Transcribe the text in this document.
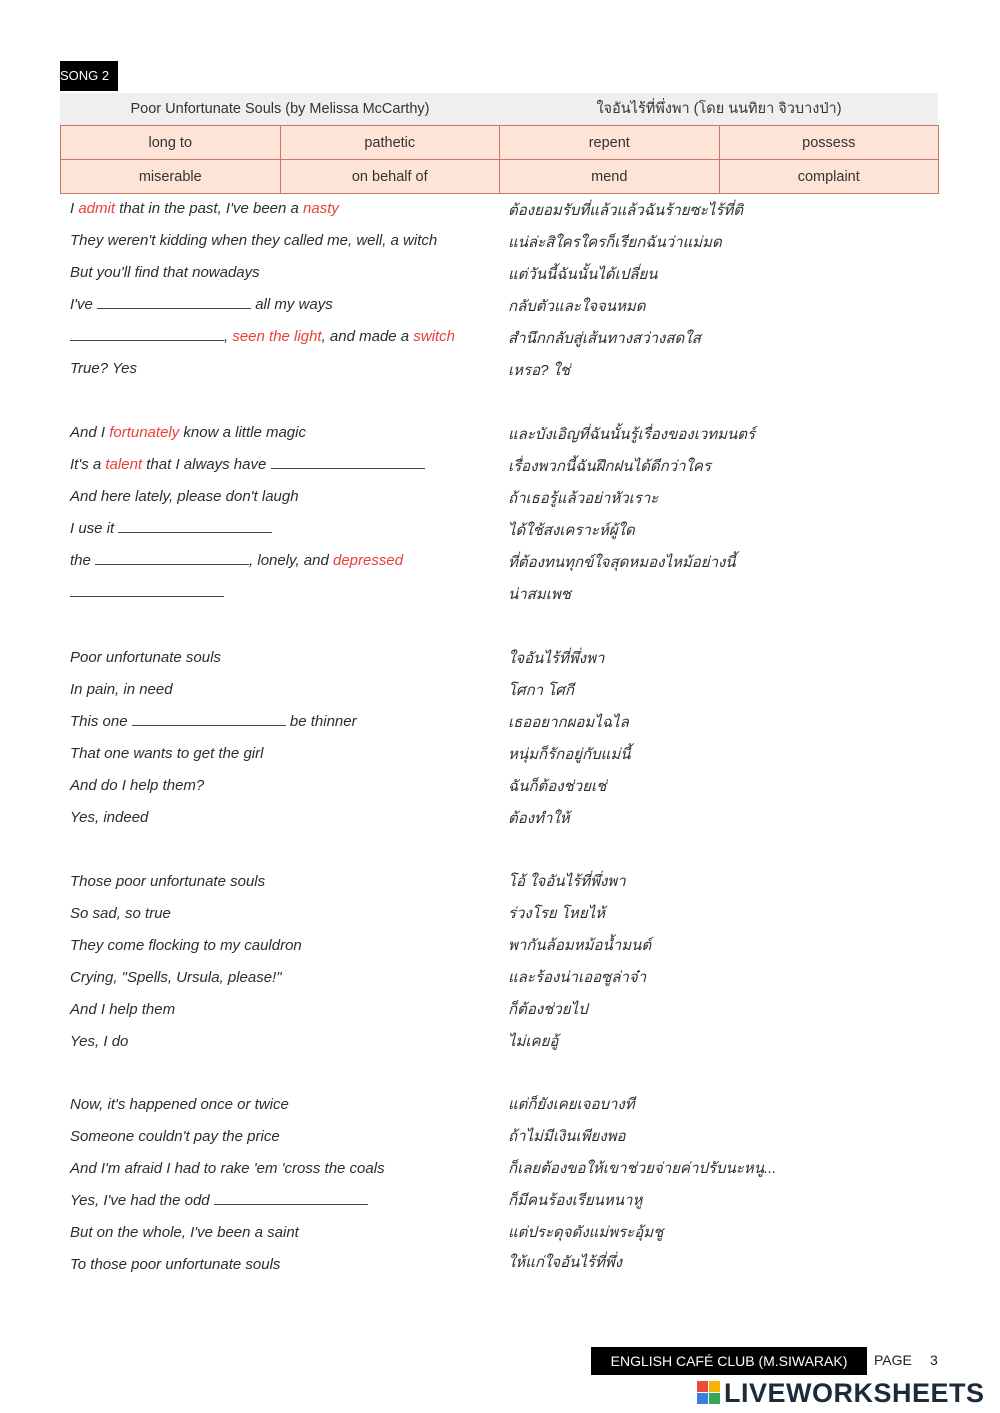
SONG 2
Poor Unfortunate Souls (by Melissa McCarthy)	ใจอันไร้ที่พึ่งพา (โดย นนทิยา จิวบางป่า)
long to	pathetic	repent	possess
miserable	on behalf of	mend	complaint
I admit that in the past, I've been a nasty
They weren't kidding when they called me, well, a witch
But you'll find that nowadays
I've	all my ways
, seen the light, and made a switch
True? Yes
And I fortunately know a little magic
It's a talent that I always have
And here lately, please don't laugh
I use it
the	, lonely, and depressed
Poor unfortunate souls
In pain, in need
This one	be thinner
That one wants to get the girl
And do I help them?
Yes, indeed
Those poor unfortunate souls
So sad, so true
They come flocking to my cauldron
Crying, "Spells, Ursula, please!"
And I help them
Yes, I do
Now, it's happened once or twice
Someone couldn't pay the price
And I'm afraid I had to rake 'em 'cross the coals
Yes, I've had the odd
But on the whole, I've been a saint
To those poor unfortunate souls
ต้องยอมรับที่แล้วแล้วฉันร้ายซะไร้ที่ติ
แน่ล่ะสิใครใครก็เรียกฉันว่าแม่มด
แต่วันนี้ฉันนั้นได้เปลี่ยน
กลับตัวและใจจนหมด
สำนึกกลับสู่เส้นทางสว่างสดใส
เหรอ? ใช่
และบังเอิญที่ฉันนั้นรู้เรื่องของเวทมนตร์
เรื่องพวกนี้ฉันฝึกฝนได้ดีกว่าใคร
ถ้าเธอรู้แล้วอย่าหัวเราะ
ได้ใช้สงเคราะห์ผู้ใด
ที่ต้องทนทุกข์ใจสุดหมองไหม้อย่างนี้
น่าสมเพช
ใจอันไร้ที่พึ่งพา
โศกา โศกี
เธออยากผอมไฉไล
หนุ่มก็รักอยู่กับแม่นี้
ฉันก็ต้องช่วยเช่
ต้องทำให้
โอ้ ใจอันไร้ที่พึ่งพา
ร่วงโรย โหยไห้
พากันล้อมหม้อน้ำมนต์
และร้องน่าเออซูล่าจ๋า
ก็ต้องช่วยไป
ไม่เคยอู้
แต่ก็ยังเคยเจอบางที
ถ้าไม่มีเงินเพียงพอ
ก็เลยต้องขอให้เขาช่วยจ่ายค่าปรับนะหนู...
ก็มีคนร้องเรียนหนาหู
แต่ประดุจดังแม่พระอุ้มชู
ให้แก่ใจอันไร้ที่พึ่ง
ENGLISH CAFÉ CLUB (M.SIWARAK)	PAGE 3
LIVEWORKSHEETS
